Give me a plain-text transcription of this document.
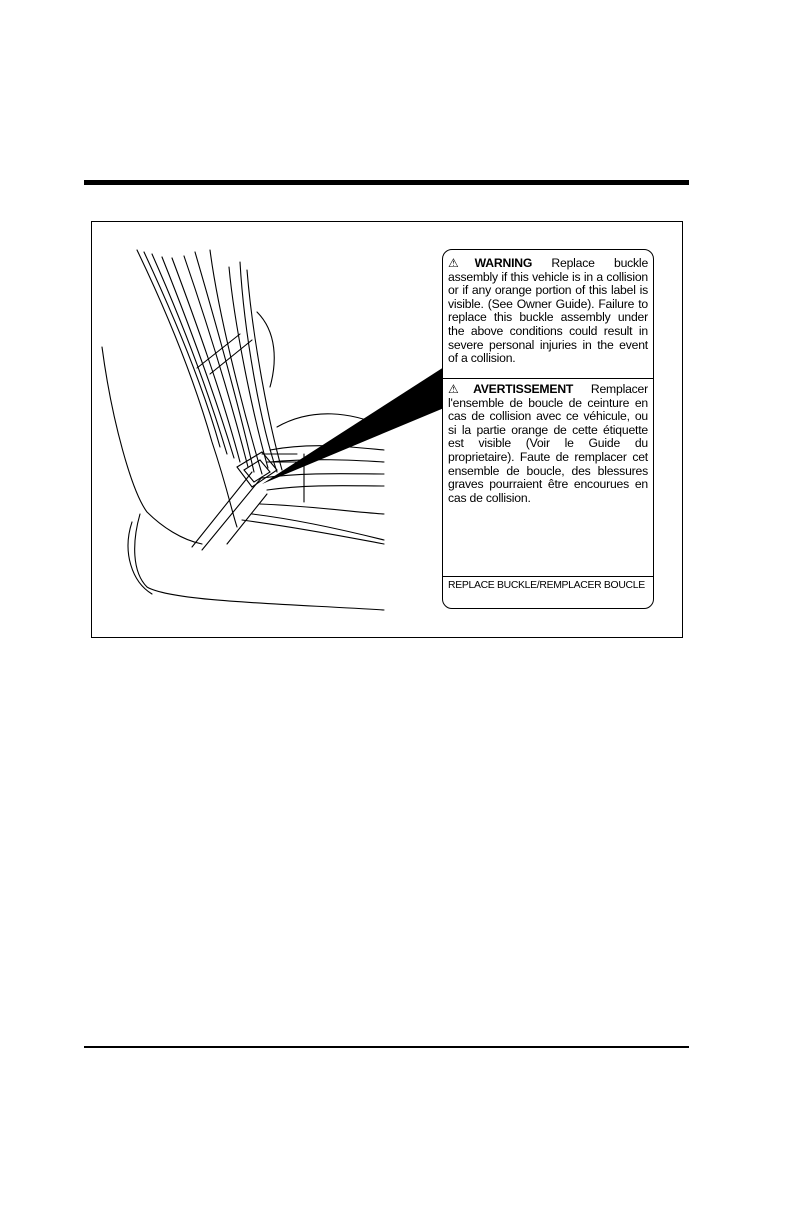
⚠WARNING Replace buckle assembly if this vehicle is in a collision or if any orange portion of this label is visible. (See Owner Guide). Failure to replace this buckle assembly under the above conditions could result in severe personal injuries in the event of a collision.
⚠AVERTISSEMENT Remplacer l'ensemble de boucle de ceinture en cas de collision avec ce véhicule, ou si la partie orange de cette étiquette est visible (Voir le Guide du proprietaire). Faute de remplacer cet ensemble de boucle, des blessures graves pourraient être encourues en cas de collision.
REPLACE BUCKLE/REMPLACER BOUCLE
